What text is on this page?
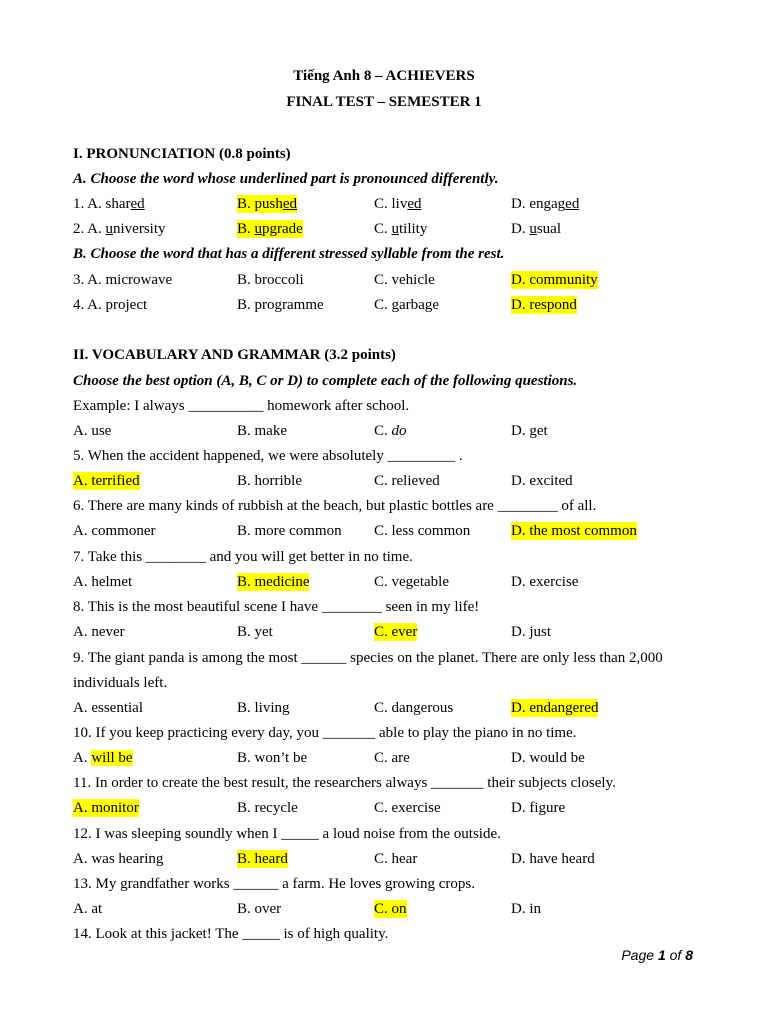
Tiếng Anh 8 – ACHIEVERS
FINAL TEST – SEMESTER 1
I. PRONUNCIATION (0.8 points)
A. Choose the word whose underlined part is pronounced differently.
1. A. shared	B. pushed	C. lived	D. engaged
2. A. university	B. upgrade	C. utility	D. usual
B. Choose the word that has a different stressed syllable from the rest.
3. A. microwave	B. broccoli	C. vehicle	D. community
4. A. project	B. programme	C. garbage	D. respond
II. VOCABULARY AND GRAMMAR (3.2 points)
Choose the best option (A, B, C or D) to complete each of the following questions.
Example: I always __________ homework after school.
A. use	B. make	C. do	D. get
5. When the accident happened, we were absolutely _________ .
A. terrified	B. horrible	C. relieved	D. excited
6. There are many kinds of rubbish at the beach, but plastic bottles are ________ of all.
A. commoner	B. more common C. less common	D. the most common
7. Take this ________ and you will get better in no time.
A. helmet	B. medicine	C. vegetable	D. exercise
8. This is the most beautiful scene I have ________ seen in my life!
A. never	B. yet	C. ever	D. just
9. The giant panda is among the most ______ species on the planet. There are only less than 2,000
individuals left.
A. essential	B. living	C. dangerous	D. endangered
10. If you keep practicing every day, you _______ able to play the piano in no time.
A. will be	B. won’t be	C. are	D. would be
11. In order to create the best result, the researchers always _______ their subjects closely.
A. monitor	B. recycle	C. exercise	D. figure
12. I was sleeping soundly when I _____ a loud noise from the outside.
A. was hearing	B. heard	C. hear	D. have heard
13. My grandfather works ______ a farm. He loves growing crops.
A. at	B. over	C. on	D. in
14. Look at this jacket! The _____ is of high quality.
Page 1 of 8
